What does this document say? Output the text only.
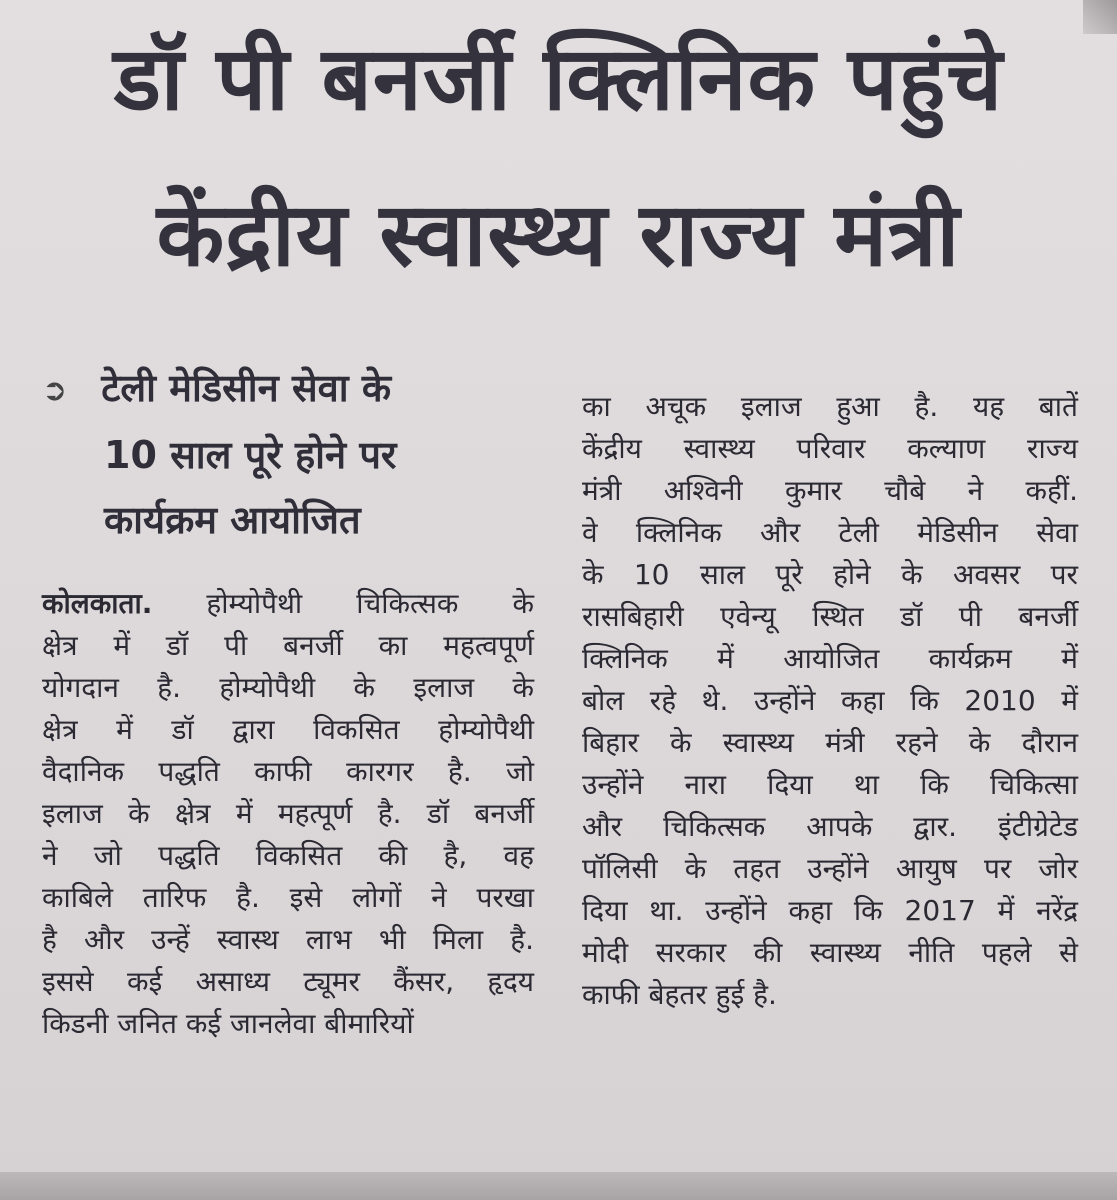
डॉ पी बनर्जी क्लिनिक पहुंचे
केंद्रीय स्वास्थ्य राज्य मंत्री
➲ टेली मेडिसीन सेवा के
10 साल पूरे होने पर
कार्यक्रम आयोजित
कोलकाता. होम्योपैथी चिकित्सक के
क्षेत्र में डॉ पी बनर्जी का महत्वपूर्ण
योगदान है. होम्योपैथी के इलाज के
क्षेत्र में डॉ द्वारा विकसित होम्योपैथी
वैदानिक पद्धति काफी कारगर है. जो
इलाज के क्षेत्र में महत्पूर्ण है. डॉ बनर्जी
ने जो पद्धति विकसित की है, वह
काबिले तारिफ है. इसे लोगों ने परखा
है और उन्हें स्वास्थ लाभ भी मिला है.
इससे कई असाध्य ट्यूमर कैंसर, हृदय
किडनी जनित कई जानलेवा बीमारियों
का अचूक इलाज हुआ है. यह बातें
केंद्रीय स्वास्थ्य परिवार कल्याण राज्य
मंत्री अश्विनी कुमार चौबे ने कहीं.
वे क्लिनिक और टेली मेडिसीन सेवा
के 10 साल पूरे होने के अवसर पर
रासबिहारी एवेन्यू स्थित डॉ पी बनर्जी
क्लिनिक में आयोजित कार्यक्रम में
बोल रहे थे. उन्होंने कहा कि 2010 में
बिहार के स्वास्थ्य मंत्री रहने के दौरान
उन्होंने नारा दिया था कि चिकित्सा
और चिकित्सक आपके द्वार. इंटीग्रेटेड
पॉलिसी के तहत उन्होंने आयुष पर जोर
दिया था. उन्होंने कहा कि 2017 में नरेंद्र
मोदी सरकार की स्वास्थ्य नीति पहले से
काफी बेहतर हुई है.
